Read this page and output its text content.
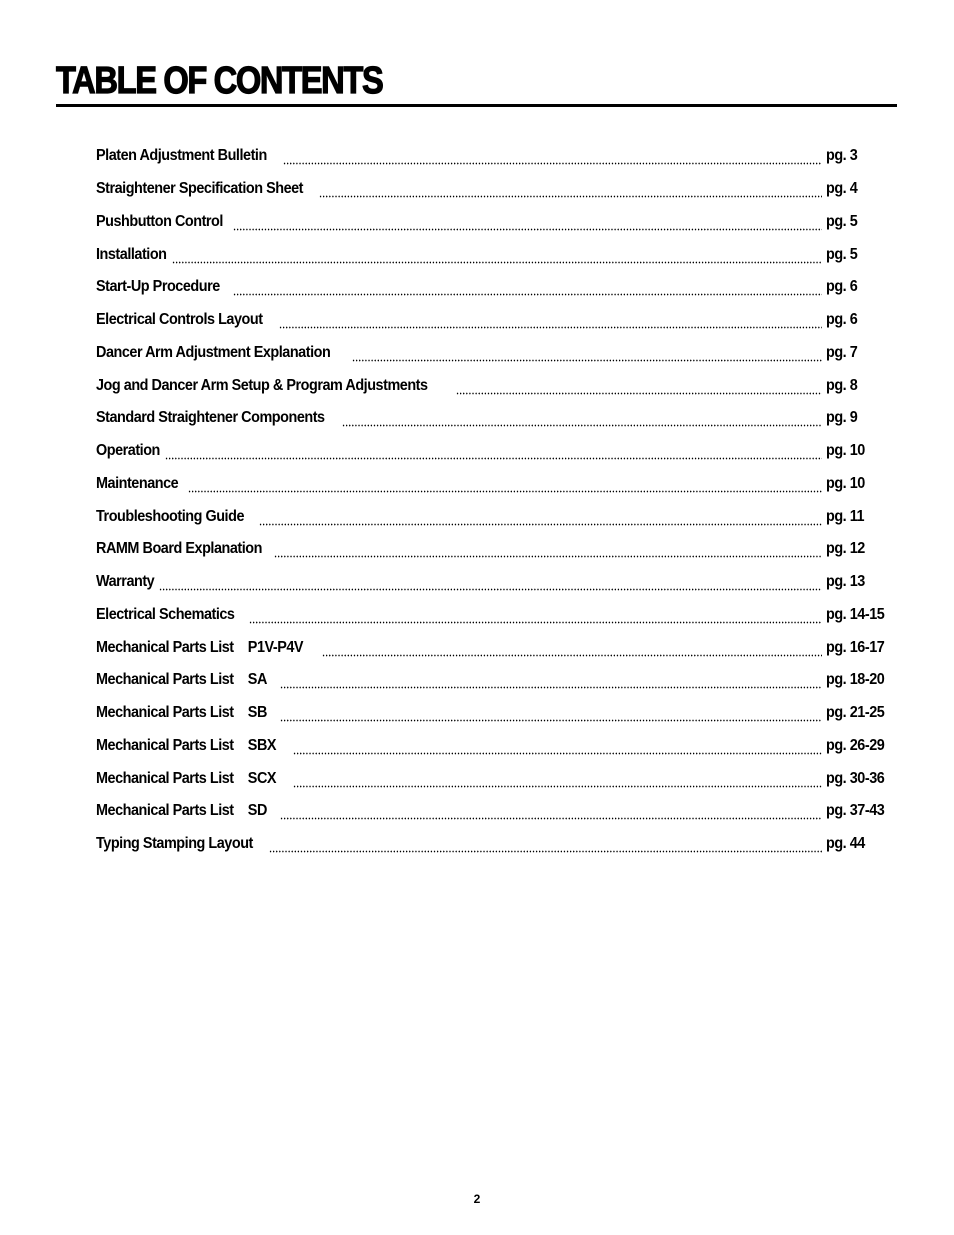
TABLE OF CONTENTS
Platen Adjustment Bulletin	pg. 3
Straightener Specification Sheet	pg. 4
Pushbutton Control	pg. 5
Installation	pg. 5
Start-Up Procedure	pg. 6
Electrical Controls Layout	pg. 6
Dancer Arm Adjustment Explanation	pg. 7
Jog and Dancer Arm Setup & Program Adjustments	pg. 8
Standard Straightener Components	pg. 9
Operation	pg. 10
Maintenance	pg. 10
Troubleshooting Guide	pg. 11
RAMM Board Explanation	pg. 12
Warranty	pg. 13
Electrical Schematics	pg. 14-15
Mechanical Parts List    P1V-P4V	pg. 16-17
Mechanical Parts List    SA	pg. 18-20
Mechanical Parts List    SB	pg. 21-25
Mechanical Parts List    SBX	pg. 26-29
Mechanical Parts List    SCX	pg. 30-36
Mechanical Parts List    SD	pg. 37-43
Typing Stamping Layout	pg. 44
2
